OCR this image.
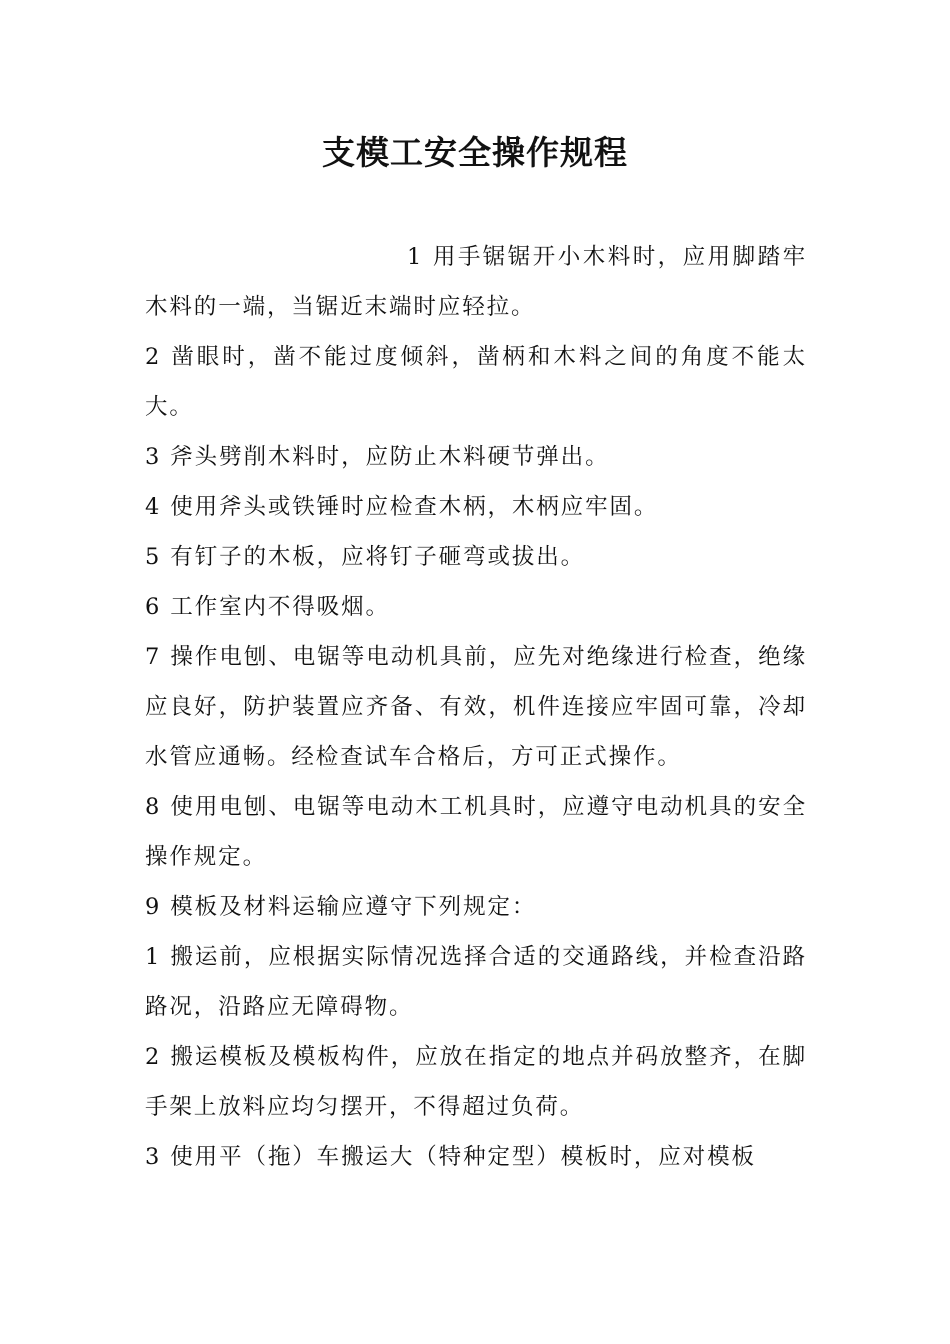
支模工安全操作规程

1 用手锯锯开小木料时，应用脚踏牢木料的一端，当锯近末端时应轻拉。

2 凿眼时，凿不能过度倾斜，凿柄和木料之间的角度不能太大。

3 斧头劈削木料时，应防止木料硬节弹出。

4 使用斧头或铁锤时应检查木柄，木柄应牢固。

5 有钉子的木板，应将钉子砸弯或拔出。

6 工作室内不得吸烟。

7 操作电刨、电锯等电动机具前，应先对绝缘进行检查，绝缘应良好，防护装置应齐备、有效，机件连接应牢固可靠，冷却水管应通畅。经检查试车合格后，方可正式操作。

8 使用电刨、电锯等电动木工机具时，应遵守电动机具的安全操作规定。

9 模板及材料运输应遵守下列规定：

1 搬运前，应根据实际情况选择合适的交通路线，并检查沿路路况，沿路应无障碍物。

2 搬运模板及模板构件，应放在指定的地点并码放整齐，在脚手架上放料应均匀摆开，不得超过负荷。

3 使用平（拖）车搬运大（特种定型）模板时，应对模板
